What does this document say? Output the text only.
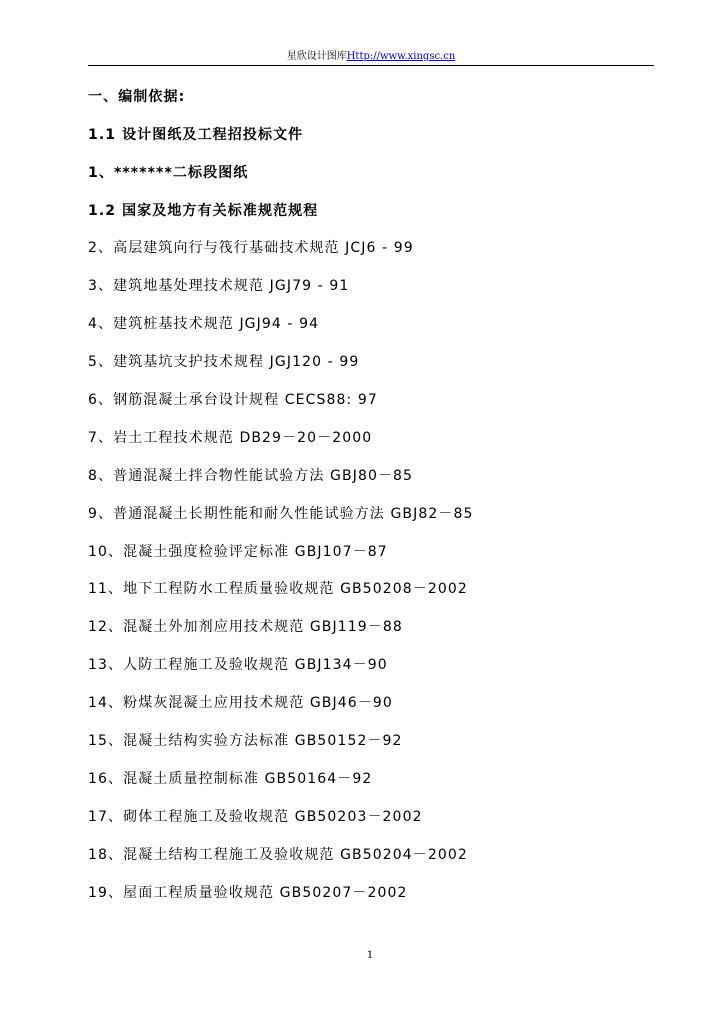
星欣设计图库Http://www.xingsc.cn
一、编制依据:
1.1 设计图纸及工程招投标文件
1、*******二标段图纸
1.2 国家及地方有关标准规范规程
2、高层建筑向行与筏行基础技术规范 JCJ6 - 99
3、建筑地基处理技术规范 JGJ79 - 91
4、建筑桩基技术规范 JGJ94 - 94
5、建筑基坑支护技术规程 JGJ120 - 99
6、钢筋混凝土承台设计规程 CECS88: 97
7、岩土工程技术规范 DB29－20－2000
8、普通混凝土拌合物性能试验方法 GBJ80－85
9、普通混凝土长期性能和耐久性能试验方法 GBJ82－85
10、混凝土强度检验评定标准 GBJ107－87
11、地下工程防水工程质量验收规范 GB50208－2002
12、混凝土外加剂应用技术规范 GBJ119－88
13、人防工程施工及验收规范 GBJ134－90
14、粉煤灰混凝土应用技术规范 GBJ46－90
15、混凝土结构实验方法标准 GB50152－92
16、混凝土质量控制标准 GB50164－92
17、砌体工程施工及验收规范 GB50203－2002
18、混凝土结构工程施工及验收规范 GB50204－2002
19、屋面工程质量验收规范 GB50207－2002
1
